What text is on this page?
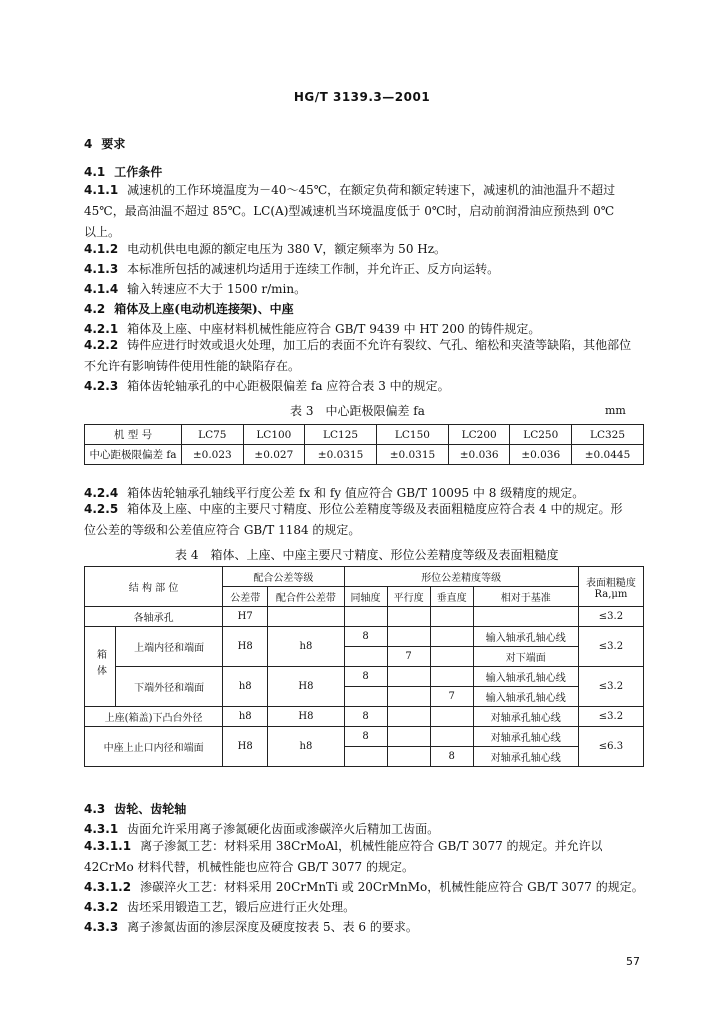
HG/T 3139.3—2001
4 要求
4.1 工作条件
4.1.1 减速机的工作环境温度为－40～45℃，在额定负荷和额定转速下，减速机的油池温升不超过
45℃，最高油温不超过 85℃。LC(A)型减速机当环境温度低于 0℃时，启动前润滑油应预热到 0℃
以上。
4.1.2 电动机供电电源的额定电压为 380 V，额定频率为 50 Hz。
4.1.3 本标准所包括的减速机均适用于连续工作制，并允许正、反方向运转。
4.1.4 输入转速应不大于 1500 r/min。
4.2 箱体及上座(电动机连接架)、中座
4.2.1 箱体及上座、中座材料机械性能应符合 GB/T 9439 中 HT 200 的铸件规定。
4.2.2 铸件应进行时效或退火处理，加工后的表面不允许有裂纹、气孔、缩松和夹渣等缺陷，其他部位
不允许有影响铸件使用性能的缺陷存在。
4.2.3 箱体齿轮轴承孔的中心距极限偏差 fa 应符合表 3 中的规定。
表 3　中心距极限偏差 fa	mm
机 型 号	LC75	LC100	LC125	LC150	LC200	LC250	LC325
中心距极限偏差 fa	±0.023	±0.027	±0.0315	±0.0315	±0.036	±0.036	±0.0445
4.2.4 箱体齿轮轴承孔轴线平行度公差 fx 和 fy 值应符合 GB/T 10095 中 8 级精度的规定。
4.2.5 箱体及上座、中座的主要尺寸精度、形位公差精度等级及表面粗糙度应符合表 4 中的规定。形
位公差的等级和公差值应符合 GB/T 1184 的规定。
表 4　箱体、上座、中座主要尺寸精度、形位公差精度等级及表面粗糙度
结 构 部 位		配合公差等级		形位公差精度等级				表面粗糙度
Ra,μm
		公差带	配合件公差带	同轴度	平行度	垂直度	相对于基准	
各轴承孔		H7						≤3.2
箱体	上端内径和端面	H8	h8	8			输入轴承孔轴心线	≤3.2
					7		对下端面	
	下端外径和端面	h8	H8	8			输入轴承孔轴心线	≤3.2
						7	输入轴承孔轴心线	
上座(箱盖)下凸台外径		h8	H8	8			对轴承孔轴心线	≤3.2
中座上止口内径和端面		H8	h8	8			对轴承孔轴心线	≤6.3
						8	对轴承孔轴心线	
4.3 齿轮、齿轮轴
4.3.1 齿面允许采用离子渗氮硬化齿面或渗碳淬火后精加工齿面。
4.3.1.1 离子渗氮工艺：材料采用 38CrMoAl，机械性能应符合 GB/T 3077 的规定。并允许以
42CrMo 材料代替，机械性能也应符合 GB/T 3077 的规定。
4.3.1.2 渗碳淬火工艺：材料采用 20CrMnTi 或 20CrMnMo，机械性能应符合 GB/T 3077 的规定。
4.3.2 齿坯采用锻造工艺，锻后应进行正火处理。
4.3.3 离子渗氮齿面的渗层深度及硬度按表 5、表 6 的要求。
57
